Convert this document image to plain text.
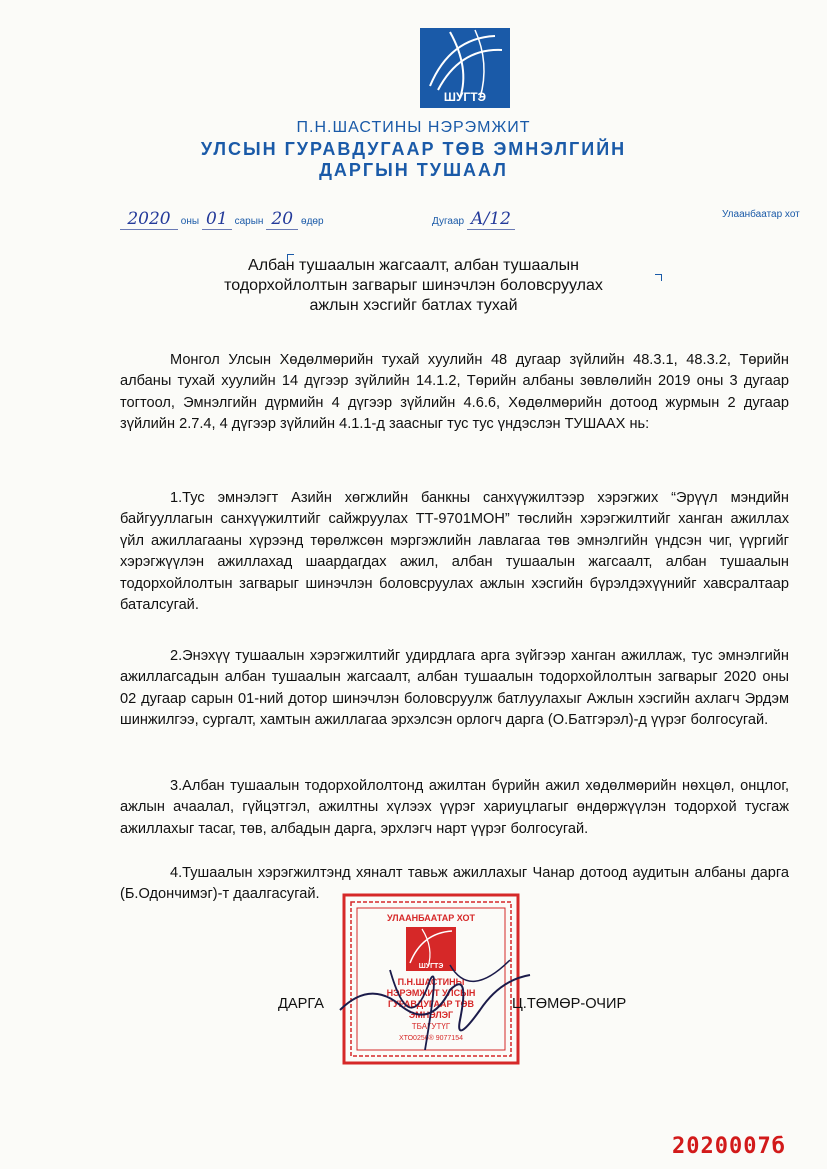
ШУГТЭ
П.Н.ШАСТИНЫ НЭРЭМЖИТ
УЛСЫН ГУРАВДУГААР ТӨВ ЭМНЭЛГИЙН
ДАРГЫН ТУШААЛ
2020 оны 01 сарын 20 өдөр	Дугаар А/12	Улаанбаатар хот
Албан тушаалын жагсаалт, албан тушаалын
тодорхойлолтын загварыг шинэчлэн боловсруулах
ажлын хэсгийг батлах тухай
Монгол Улсын Хөдөлмөрийн тухай хуулийн 48 дугаар зүйлийн 48.3.1, 48.3.2, Төрийн албаны тухай хуулийн 14 дүгээр зүйлийн 14.1.2, Төрийн албаны зөвлөлийн 2019 оны 3 дугаар тогтоол, Эмнэлгийн дүрмийн 4 дүгээр зүйлийн 4.6.6, Хөдөлмөрийн дотоод журмын 2 дугаар зүйлийн 2.7.4, 4 дүгээр зүйлийн 4.1.1-д заасныг тус тус үндэслэн ТУШААХ нь:
1.Тус эмнэлэгт Азийн хөгжлийн банкны санхүүжилтээр хэрэгжих “Эрүүл мэндийн байгууллагын санхүүжилтийг сайжруулах ТТ-9701МОН” төслийн хэрэгжилтийг ханган ажиллах үйл ажиллагааны хүрээнд төрөлжсөн мэргэжлийн лавлагаа төв эмнэлгийн үндсэн чиг, үүргийг хэрэгжүүлэн ажиллахад шаардагдах ажил, албан тушаалын жагсаалт, албан тушаалын тодорхойлолтын загварыг шинэчлэн боловсруулах ажлын хэсгийн бүрэлдэхүүнийг хавсралтаар баталсугай.
2.Энэхүү тушаалын хэрэгжилтийг удирдлага арга зүйгээр ханган ажиллаж, тус эмнэлгийн ажиллагсадын албан тушаалын жагсаалт, албан тушаалын тодорхойлолтын загварыг 2020 оны 02 дугаар сарын 01-ний дотор шинэчлэн боловсруулж батлуулахыг Ажлын хэсгийн ахлагч Эрдэм шинжилгээ, сургалт, хамтын ажиллагаа эрхэлсэн орлогч дарга (О.Батгэрэл)-д үүрэг болгосугай.
3.Албан тушаалын тодорхойлолтонд ажилтан бүрийн ажил хөдөлмөрийн нөхцөл, онцлог, ажлын ачаалал, гүйцэтгэл, ажилтны хүлээх үүрэг хариуцлагыг өндөржүүлэн тодорхой тусгаж ажиллахыг тасаг, төв, албадын дарга, эрхлэгч нарт үүрэг болгосугай.
4.Тушаалын хэрэгжилтэнд хяналт тавьж ажиллахыг Чанар дотоод аудитын албаны дарга (Б.Одончимэг)-т даалгасугай.
УЛААНБААТАР ХОТ
ШУГТЭ
П.Н.ШАСТИНЫ
НЭРЭМЖИТ УЛСЫН
ГУРАВДУГААР ТӨВ
ЭМНЭЛЭГ
ТБАГУТҮГ
ХТО0256® 9077154
ДАРГА	Ц.ТӨМӨР-ОЧИР
2020007б
